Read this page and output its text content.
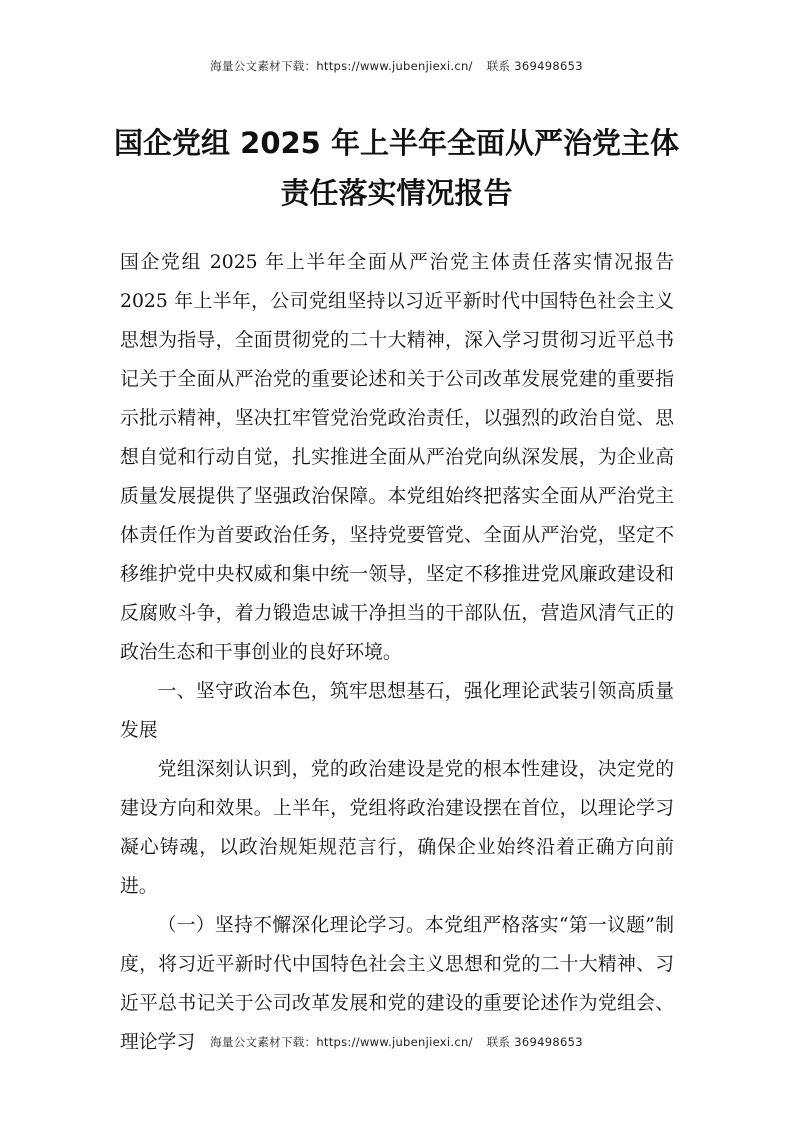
海量公文素材下载：https://www.jubenjiexi.cn/ 联系 369498653
国企党组 2025 年上半年全面从严治党主体
责任落实情况报告

国企党组 2025 年上半年全面从严治党主体责任落实情况报告 2025 年上半年，公司党组坚持以习近平新时代中国特色社会主义思想为指导，全面贯彻党的二十大精神，深入学习贯彻习近平总书记关于全面从严治党的重要论述和关于公司改革发展党建的重要指示批示精神，坚决扛牢管党治党政治责任，以强烈的政治自觉、思想自觉和行动自觉，扎实推进全面从严治党向纵深发展，为企业高质量发展提供了坚强政治保障。本党组始终把落实全面从严治党主体责任作为首要政治任务，坚持党要管党、全面从严治党，坚定不移维护党中央权威和集中统一领导，坚定不移推进党风廉政建设和反腐败斗争，着力锻造忠诚干净担当的干部队伍，营造风清气正的政治生态和干事创业的良好环境。

一、坚守政治本色，筑牢思想基石，强化理论武装引领高质量发展

党组深刻认识到，党的政治建设是党的根本性建设，决定党的建设方向和效果。上半年，党组将政治建设摆在首位，以理论学习凝心铸魂，以政治规矩规范言行，确保企业始终沿着正确方向前进。

（一）坚持不懈深化理论学习。本党组严格落实“第一议题”制度，将习近平新时代中国特色社会主义思想和党的二十大精神、习近平总书记关于公司改革发展和党的建设的重要论述作为党组会、理论学习	海量公文素材下载：https://www.jubenjiexi.cn/ 联系 369498653
